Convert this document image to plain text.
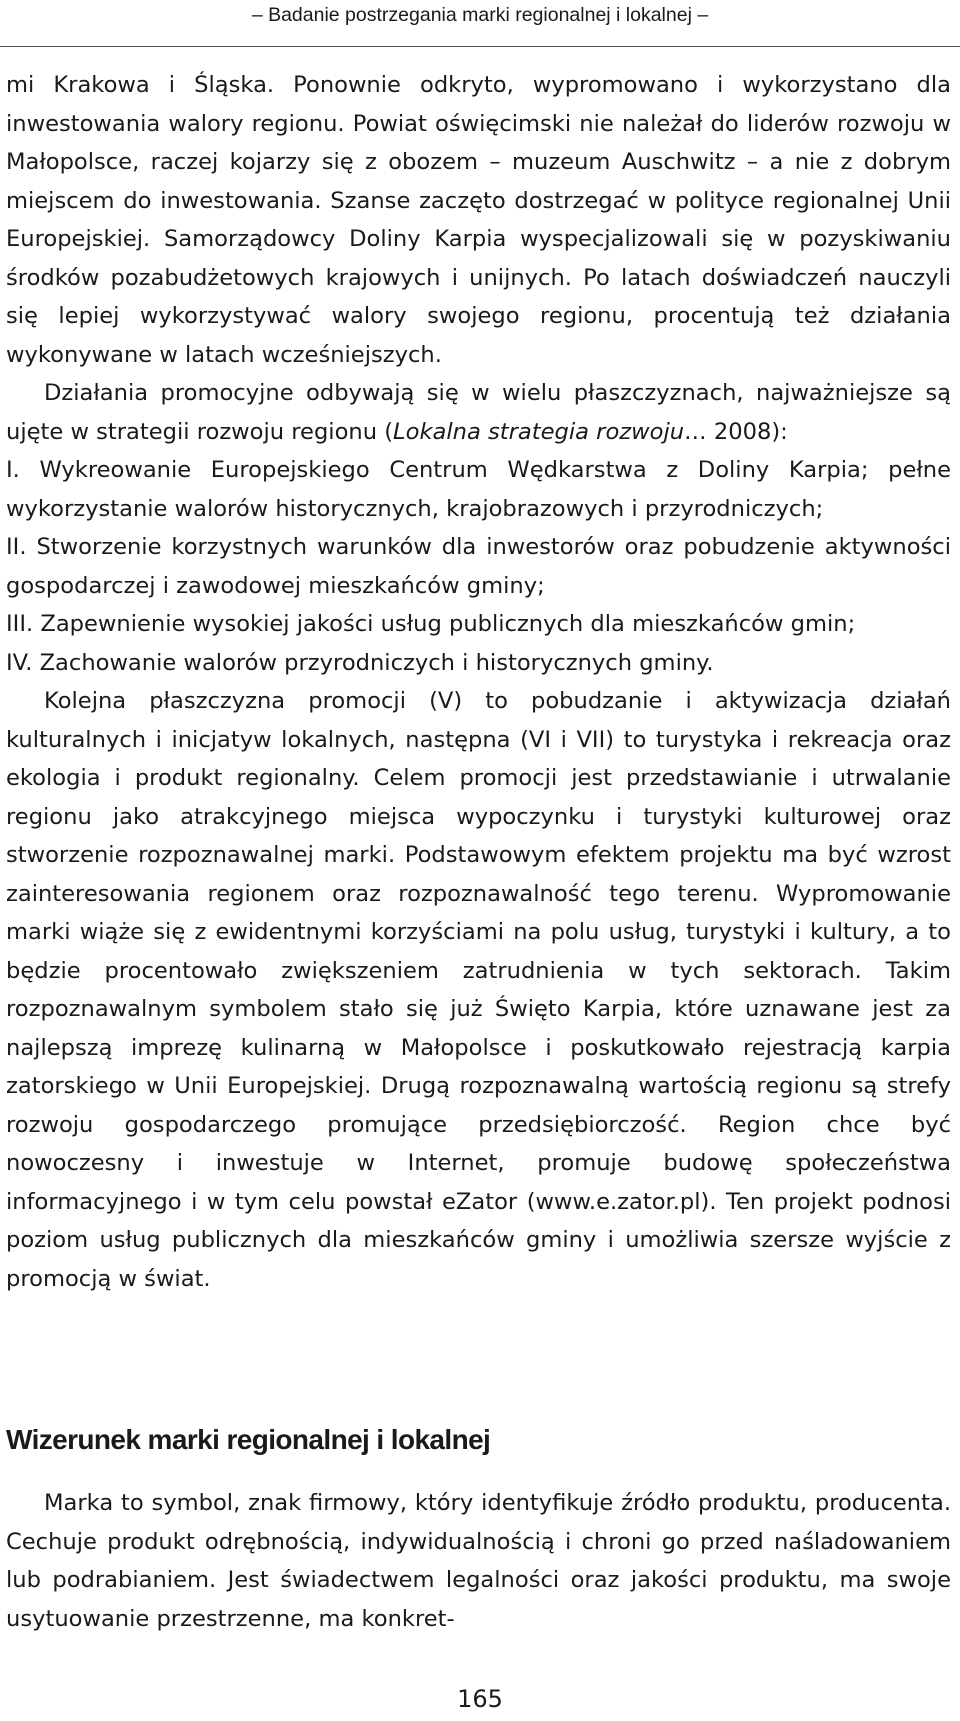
– Badanie postrzegania marki regionalnej i lokalnej –

mi Krakowa i Śląska. Ponownie odkryto, wypromowano i wykorzystano dla inwestowania walory regionu. Powiat oświęcimski nie należał do liderów rozwoju w Małopolsce, raczej kojarzy się z obozem – muzeum Auschwitz – a nie z dobrym miejscem do inwestowania. Szanse zaczęto dostrzegać w polityce regionalnej Unii Europejskiej. Samorządowcy Doliny Karpia wyspecjalizowali się w pozyskiwaniu środków pozabudżetowych krajowych i unijnych. Po latach doświadczeń nauczyli się lepiej wykorzystywać walory swojego regionu, procentują też działania wykonywane w latach wcześniejszych.

Działania promocyjne odbywają się w wielu płaszczyznach, najważniejsze są ujęte w strategii rozwoju regionu (Lokalna strategia rozwoju… 2008):

I. Wykreowanie Europejskiego Centrum Wędkarstwa z Doliny Karpia; pełne wykorzystanie walorów historycznych, krajobrazowych i przyrodniczych;

II. Stworzenie korzystnych warunków dla inwestorów oraz pobudzenie aktywności gospodarczej i zawodowej mieszkańców gminy;

III. Zapewnienie wysokiej jakości usług publicznych dla mieszkańców gmin;

IV. Zachowanie walorów przyrodniczych i historycznych gminy.

Kolejna płaszczyzna promocji (V) to pobudzanie i aktywizacja działań kulturalnych i inicjatyw lokalnych, następna (VI i VII) to turystyka i rekreacja oraz ekologia i produkt regionalny. Celem promocji jest przedstawianie i utrwalanie regionu jako atrakcyjnego miejsca wypoczynku i turystyki kulturowej oraz stworzenie rozpoznawalnej marki. Podstawowym efektem projektu ma być wzrost zainteresowania regionem oraz rozpoznawalność tego terenu. Wypromowanie marki wiąże się z ewidentnymi korzyściami na polu usług, turystyki i kultury, a to będzie procentowało zwiększeniem zatrudnienia w tych sektorach. Takim rozpoznawalnym symbolem stało się już Święto Karpia, które uznawane jest za najlepszą imprezę kulinarną w Małopolsce i poskutkowało rejestracją karpia zatorskiego w Unii Europejskiej. Drugą rozpoznawalną wartością regionu są strefy rozwoju gospodarczego promujące przedsiębiorczość. Region chce być nowoczesny i inwestuje w Internet, promuje budowę społeczeństwa informacyjnego i w tym celu powstał eZator (www.e.zator.pl). Ten projekt podnosi poziom usług publicznych dla mieszkańców gminy i umożliwia szersze wyjście z promocją w świat.

Wizerunek marki regionalnej i lokalnej

Marka to symbol, znak firmowy, który identyfikuje źródło produktu, producenta. Cechuje produkt odrębnością, indywidualnością i chroni go przed naśladowaniem lub podrabianiem. Jest świadectwem legalności oraz jakości produktu, ma swoje usytuowanie przestrzenne, ma konkret-

165
